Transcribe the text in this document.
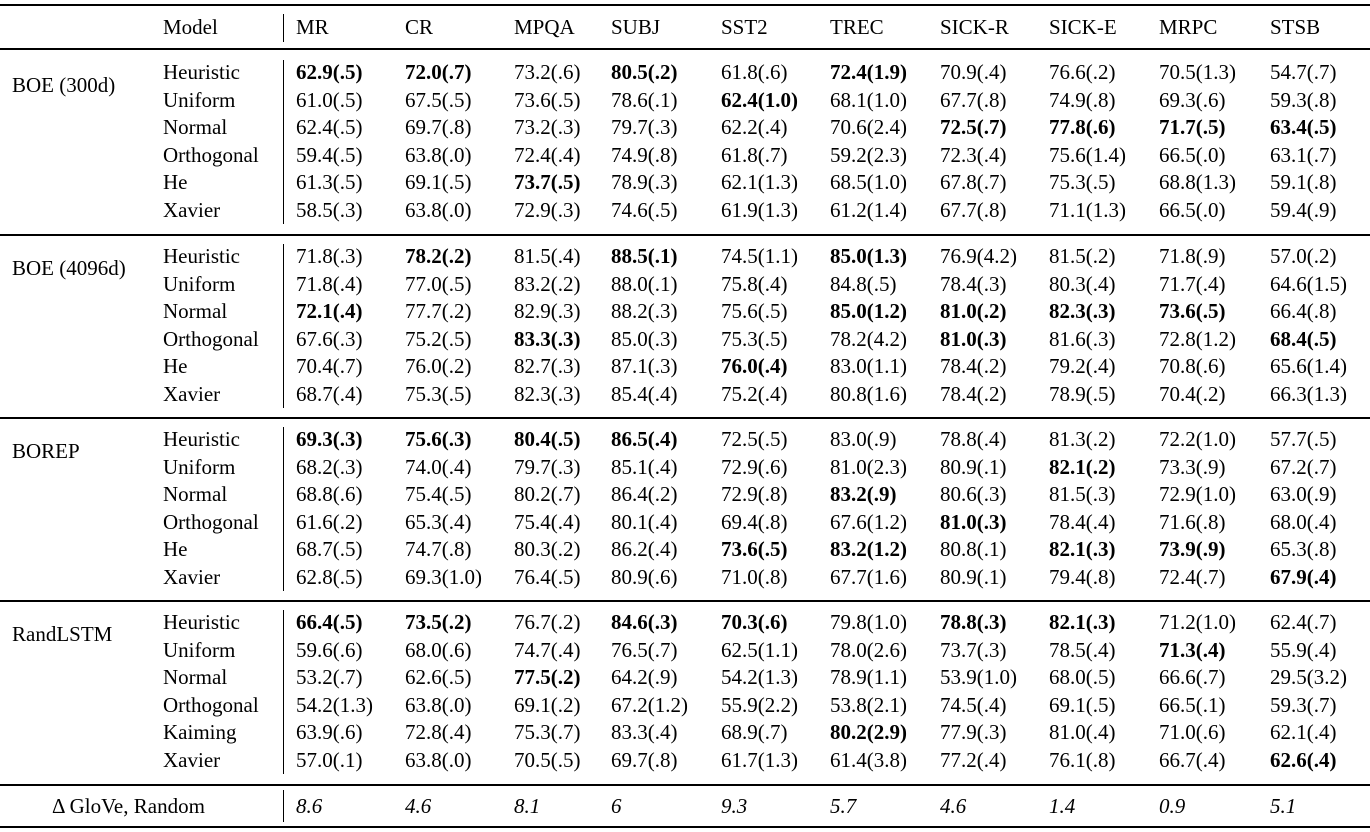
Model	MR	CR	MPQA SUBJ	SST2	TREC	SICK-R SICK-E MRPC	STSB
BOE (300d)
Heuristic	62.9(.5) 72.0(.7) 73.2(.6) 80.5(.2) 61.8(.6) 72.4(1.9) 70.9(.4) 76.6(.2) 70.5(1.3) 54.7(.7)
Uniform	61.0(.5) 67.5(.5) 73.6(.5) 78.6(.1) 62.4(1.0) 68.1(1.0) 67.7(.8) 74.9(.8) 69.3(.6) 59.3(.8)
Normal	62.4(.5) 69.7(.8) 73.2(.3) 79.7(.3) 62.2(.4) 70.6(2.4) 72.5(.7) 77.8(.6) 71.7(.5) 63.4(.5)
Orthogonal 59.4(.5) 63.8(.0) 72.4(.4) 74.9(.8) 61.8(.7) 59.2(2.3) 72.3(.4) 75.6(1.4) 66.5(.0) 63.1(.7)
He	61.3(.5) 69.1(.5) 73.7(.5) 78.9(.3) 62.1(1.3) 68.5(1.0) 67.8(.7) 75.3(.5) 68.8(1.3) 59.1(.8)
Xavier	58.5(.3) 63.8(.0) 72.9(.3) 74.6(.5) 61.9(1.3) 61.2(1.4) 67.7(.8) 71.1(1.3) 66.5(.0) 59.4(.9)
BOE (4096d) Heuristic	71.8(.3) 78.2(.2) 81.5(.4) 88.5(.1) 74.5(1.1) 85.0(1.3) 76.9(4.2) 81.5(.2) 71.8(.9) 57.0(.2)
Uniform	71.8(.4) 77.0(.5) 83.2(.2) 88.0(.1) 75.8(.4) 84.8(.5) 78.4(.3) 80.3(.4) 71.7(.4) 64.6(1.5)
Normal	72.1(.4) 77.7(.2) 82.9(.3) 88.2(.3) 75.6(.5) 85.0(1.2) 81.0(.2) 82.3(.3) 73.6(.5) 66.4(.8)
Orthogonal 67.6(.3) 75.2(.5) 83.3(.3) 85.0(.3) 75.3(.5) 78.2(4.2) 81.0(.3) 81.6(.3) 72.8(1.2) 68.4(.5)
He	70.4(.7) 76.0(.2) 82.7(.3) 87.1(.3) 76.0(.4) 83.0(1.1) 78.4(.2) 79.2(.4) 70.8(.6) 65.6(1.4)
Xavier	68.7(.4) 75.3(.5) 82.3(.3) 85.4(.4) 75.2(.4) 80.8(1.6) 78.4(.2) 78.9(.5) 70.4(.2) 66.3(1.3)
BOREP	Heuristic	69.3(.3) 75.6(.3) 80.4(.5) 86.5(.4) 72.5(.5) 83.0(.9) 78.8(.4) 81.3(.2) 72.2(1.0) 57.7(.5)
Uniform	68.2(.3) 74.0(.4) 79.7(.3) 85.1(.4) 72.9(.6) 81.0(2.3) 80.9(.1) 82.1(.2) 73.3(.9) 67.2(.7)
Normal	68.8(.6) 75.4(.5) 80.2(.7) 86.4(.2) 72.9(.8) 83.2(.9) 80.6(.3) 81.5(.3) 72.9(1.0) 63.0(.9)
Orthogonal 61.6(.2) 65.3(.4) 75.4(.4) 80.1(.4) 69.4(.8) 67.6(1.2) 81.0(.3) 78.4(.4) 71.6(.8) 68.0(.4)
He	68.7(.5) 74.7(.8) 80.3(.2) 86.2(.4) 73.6(.5) 83.2(1.2) 80.8(.1) 82.1(.3) 73.9(.9) 65.3(.8)
Xavier	62.8(.5) 69.3(1.0) 76.4(.5) 80.9(.6) 71.0(.8) 67.7(1.6) 80.9(.1) 79.4(.8) 72.4(.7) 67.9(.4)
RandLSTM Heuristic	66.4(.5) 73.5(.2) 76.7(.2) 84.6(.3) 70.3(.6) 79.8(1.0) 78.8(.3) 82.1(.3) 71.2(1.0) 62.4(.7)
Uniform	59.6(.6) 68.0(.6) 74.7(.4) 76.5(.7) 62.5(1.1) 78.0(2.6) 73.7(.3) 78.5(.4) 71.3(.4) 55.9(.4)
Normal	53.2(.7) 62.6(.5) 77.5(.2) 64.2(.9) 54.2(1.3) 78.9(1.1) 53.9(1.0) 68.0(.5) 66.6(.7) 29.5(3.2)
Orthogonal 54.2(1.3) 63.8(.0) 69.1(.2) 67.2(1.2) 55.9(2.2) 53.8(2.1) 74.5(.4) 69.1(.5) 66.5(.1) 59.3(.7)
Kaiming	63.9(.6) 72.8(.4) 75.3(.7) 83.3(.4) 68.9(.7) 80.2(2.9) 77.9(.3) 81.0(.4) 71.0(.6) 62.1(.4)
Xavier	57.0(.1) 63.8(.0) 70.5(.5) 69.7(.8) 61.7(1.3) 61.4(3.8) 77.2(.4) 76.1(.8) 66.7(.4) 62.6(.4)
Δ GloVe, Random	8.6	4.6	8.1	6	9.3	5.7	4.6	1.4	0.9	5.1
